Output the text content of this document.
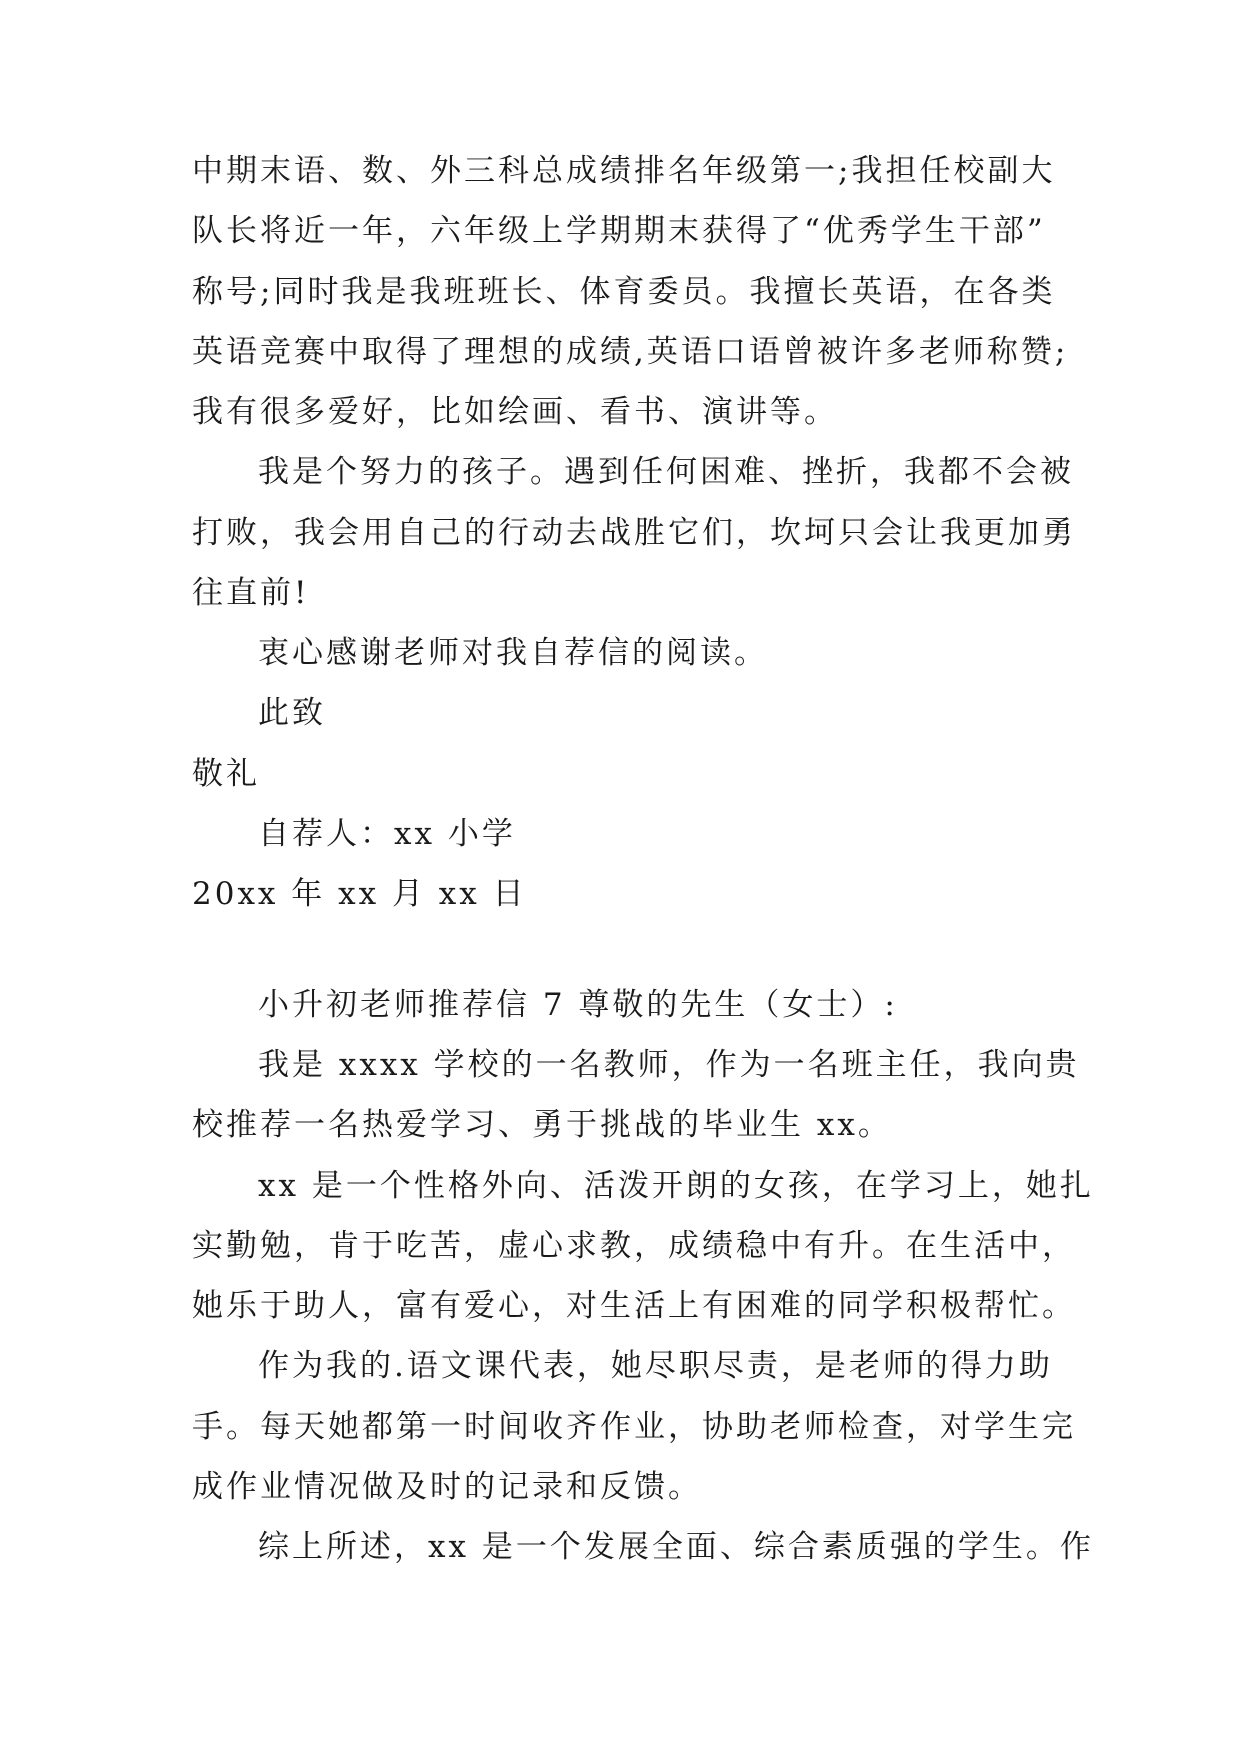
中期末语、数、外三科总成绩排名年级第一;我担任校副大
队长将近一年，六年级上学期期末获得了“优秀学生干部”
称号;同时我是我班班长、体育委员。我擅长英语，在各类
英语竞赛中取得了理想的成绩,英语口语曾被许多老师称赞;
我有很多爱好，比如绘画、看书、演讲等。
我是个努力的孩子。遇到任何困难、挫折，我都不会被
打败，我会用自己的行动去战胜它们，坎坷只会让我更加勇
往直前!
衷心感谢老师对我自荐信的阅读。
此致
敬礼
自荐人：xx 小学
20xx 年 xx 月 xx 日
小升初老师推荐信 7 尊敬的先生（女士）:
我是 xxxx 学校的一名教师，作为一名班主任，我向贵
校推荐一名热爱学习、勇于挑战的毕业生 xx。
xx 是一个性格外向、活泼开朗的女孩，在学习上，她扎
实勤勉，肯于吃苦，虚心求教，成绩稳中有升。在生活中，
她乐于助人，富有爱心，对生活上有困难的同学积极帮忙。
作为我的.语文课代表，她尽职尽责，是老师的得力助
手。每天她都第一时间收齐作业，协助老师检查，对学生完
成作业情况做及时的记录和反馈。
综上所述，xx 是一个发展全面、综合素质强的学生。作
